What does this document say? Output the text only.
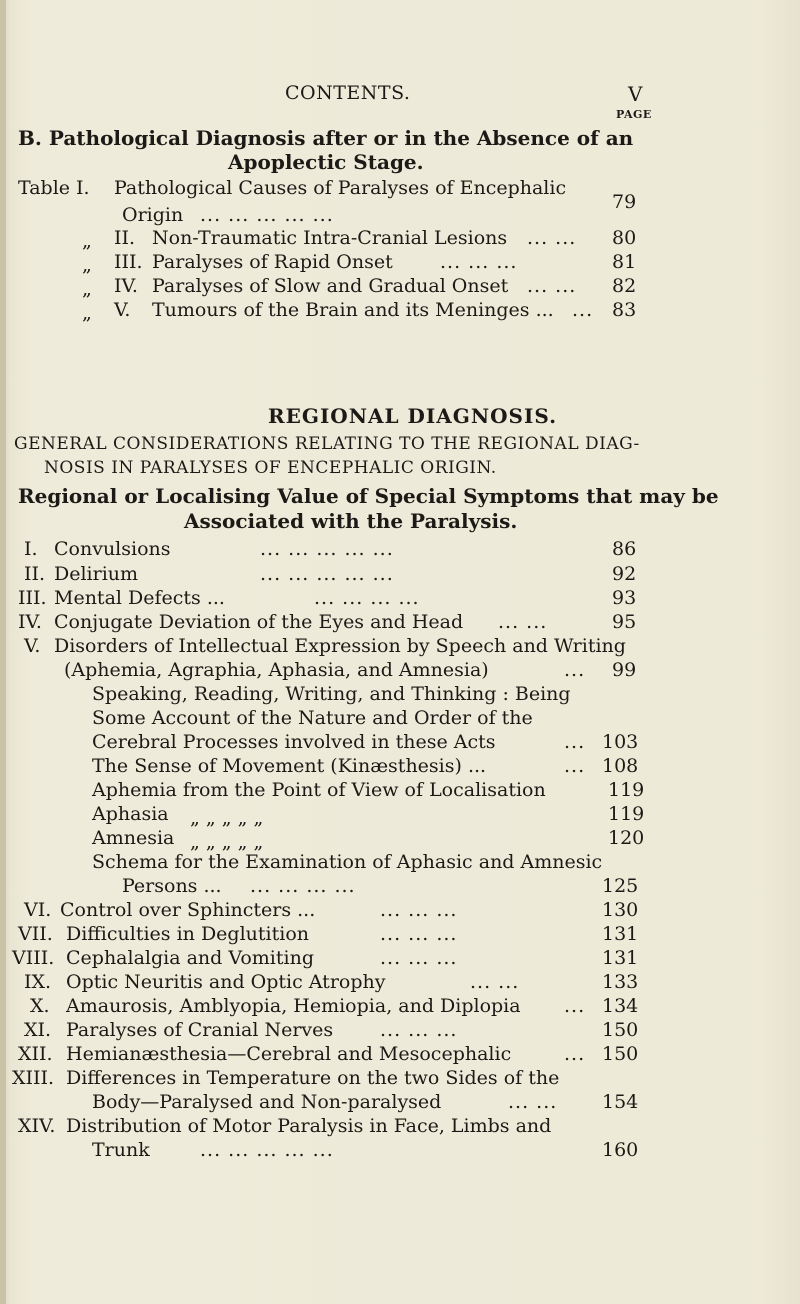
CONTENTS.	V
PAGE
B. Pathological Diagnosis after or in the Absence of an
Apoplectic Stage.
Table I. Pathological Causes of Paralyses of Encephalic
Origin ... ... ... ... ...
79
„ II. Non-Traumatic Intra-Cranial Lesions ... ... 80
„ III. Paralyses of Rapid Onset ... ... ...	81
„ IV. Paralyses of Slow and Gradual Onset ... ... 82
„ V. Tumours of the Brain and its Meninges ... ... 83
REGIONAL DIAGNOSIS.
GENERAL CONSIDERATIONS RELATING TO THE REGIONAL DIAG-
NOSIS IN PARALYSES OF ENCEPHALIC ORIGIN.
Regional or Localising Value of Special Symptoms that may be
Associated with the Paralysis.
I. Convulsions	... ... ... ... ...	86
II. Delirium	... ... ... ... ...	92
III. Mental Defects ...	... ... ... ...	93
IV. Conjugate Deviation of the Eyes and Head ... ...	95
V. Disorders of Intellectual Expression by Speech and Writing
(Aphemia, Agraphia, Aphasia, and Amnesia)	... 99
Speaking, Reading, Writing, and Thinking : Being
Some Account of the Nature and Order of the
Cerebral Processes involved in these Acts	... 103
The Sense of Movement (Kinæsthesis) ...	... 108
Aphemia from the Point of View of Localisation	119
Aphasia „ „ „ „ „	119
Amnesia „ „ „ „ „	120
Schema for the Examination of Aphasic and Amnesic
Persons ... ... ... ... ...	125
VI. Control over Sphincters ...	... ... ...	130
VII. Difficulties in Deglutition	... ... ...	131
VIII. Cephalalgia and Vomiting	... ... ...	131
IX. Optic Neuritis and Optic Atrophy	... ...	133
X. Amaurosis, Amblyopia, Hemiopia, and Diplopia ... 134
XI. Paralyses of Cranial Nerves ... ... ...	150
XII. Hemianæsthesia—Cerebral and Mesocephalic	... 150
XIII. Differences in Temperature on the two Sides of the
Body—Paralysed and Non-paralysed	... ... 154
XIV. Distribution of Motor Paralysis in Face, Limbs and
Trunk	... ... ... ... ...	160
